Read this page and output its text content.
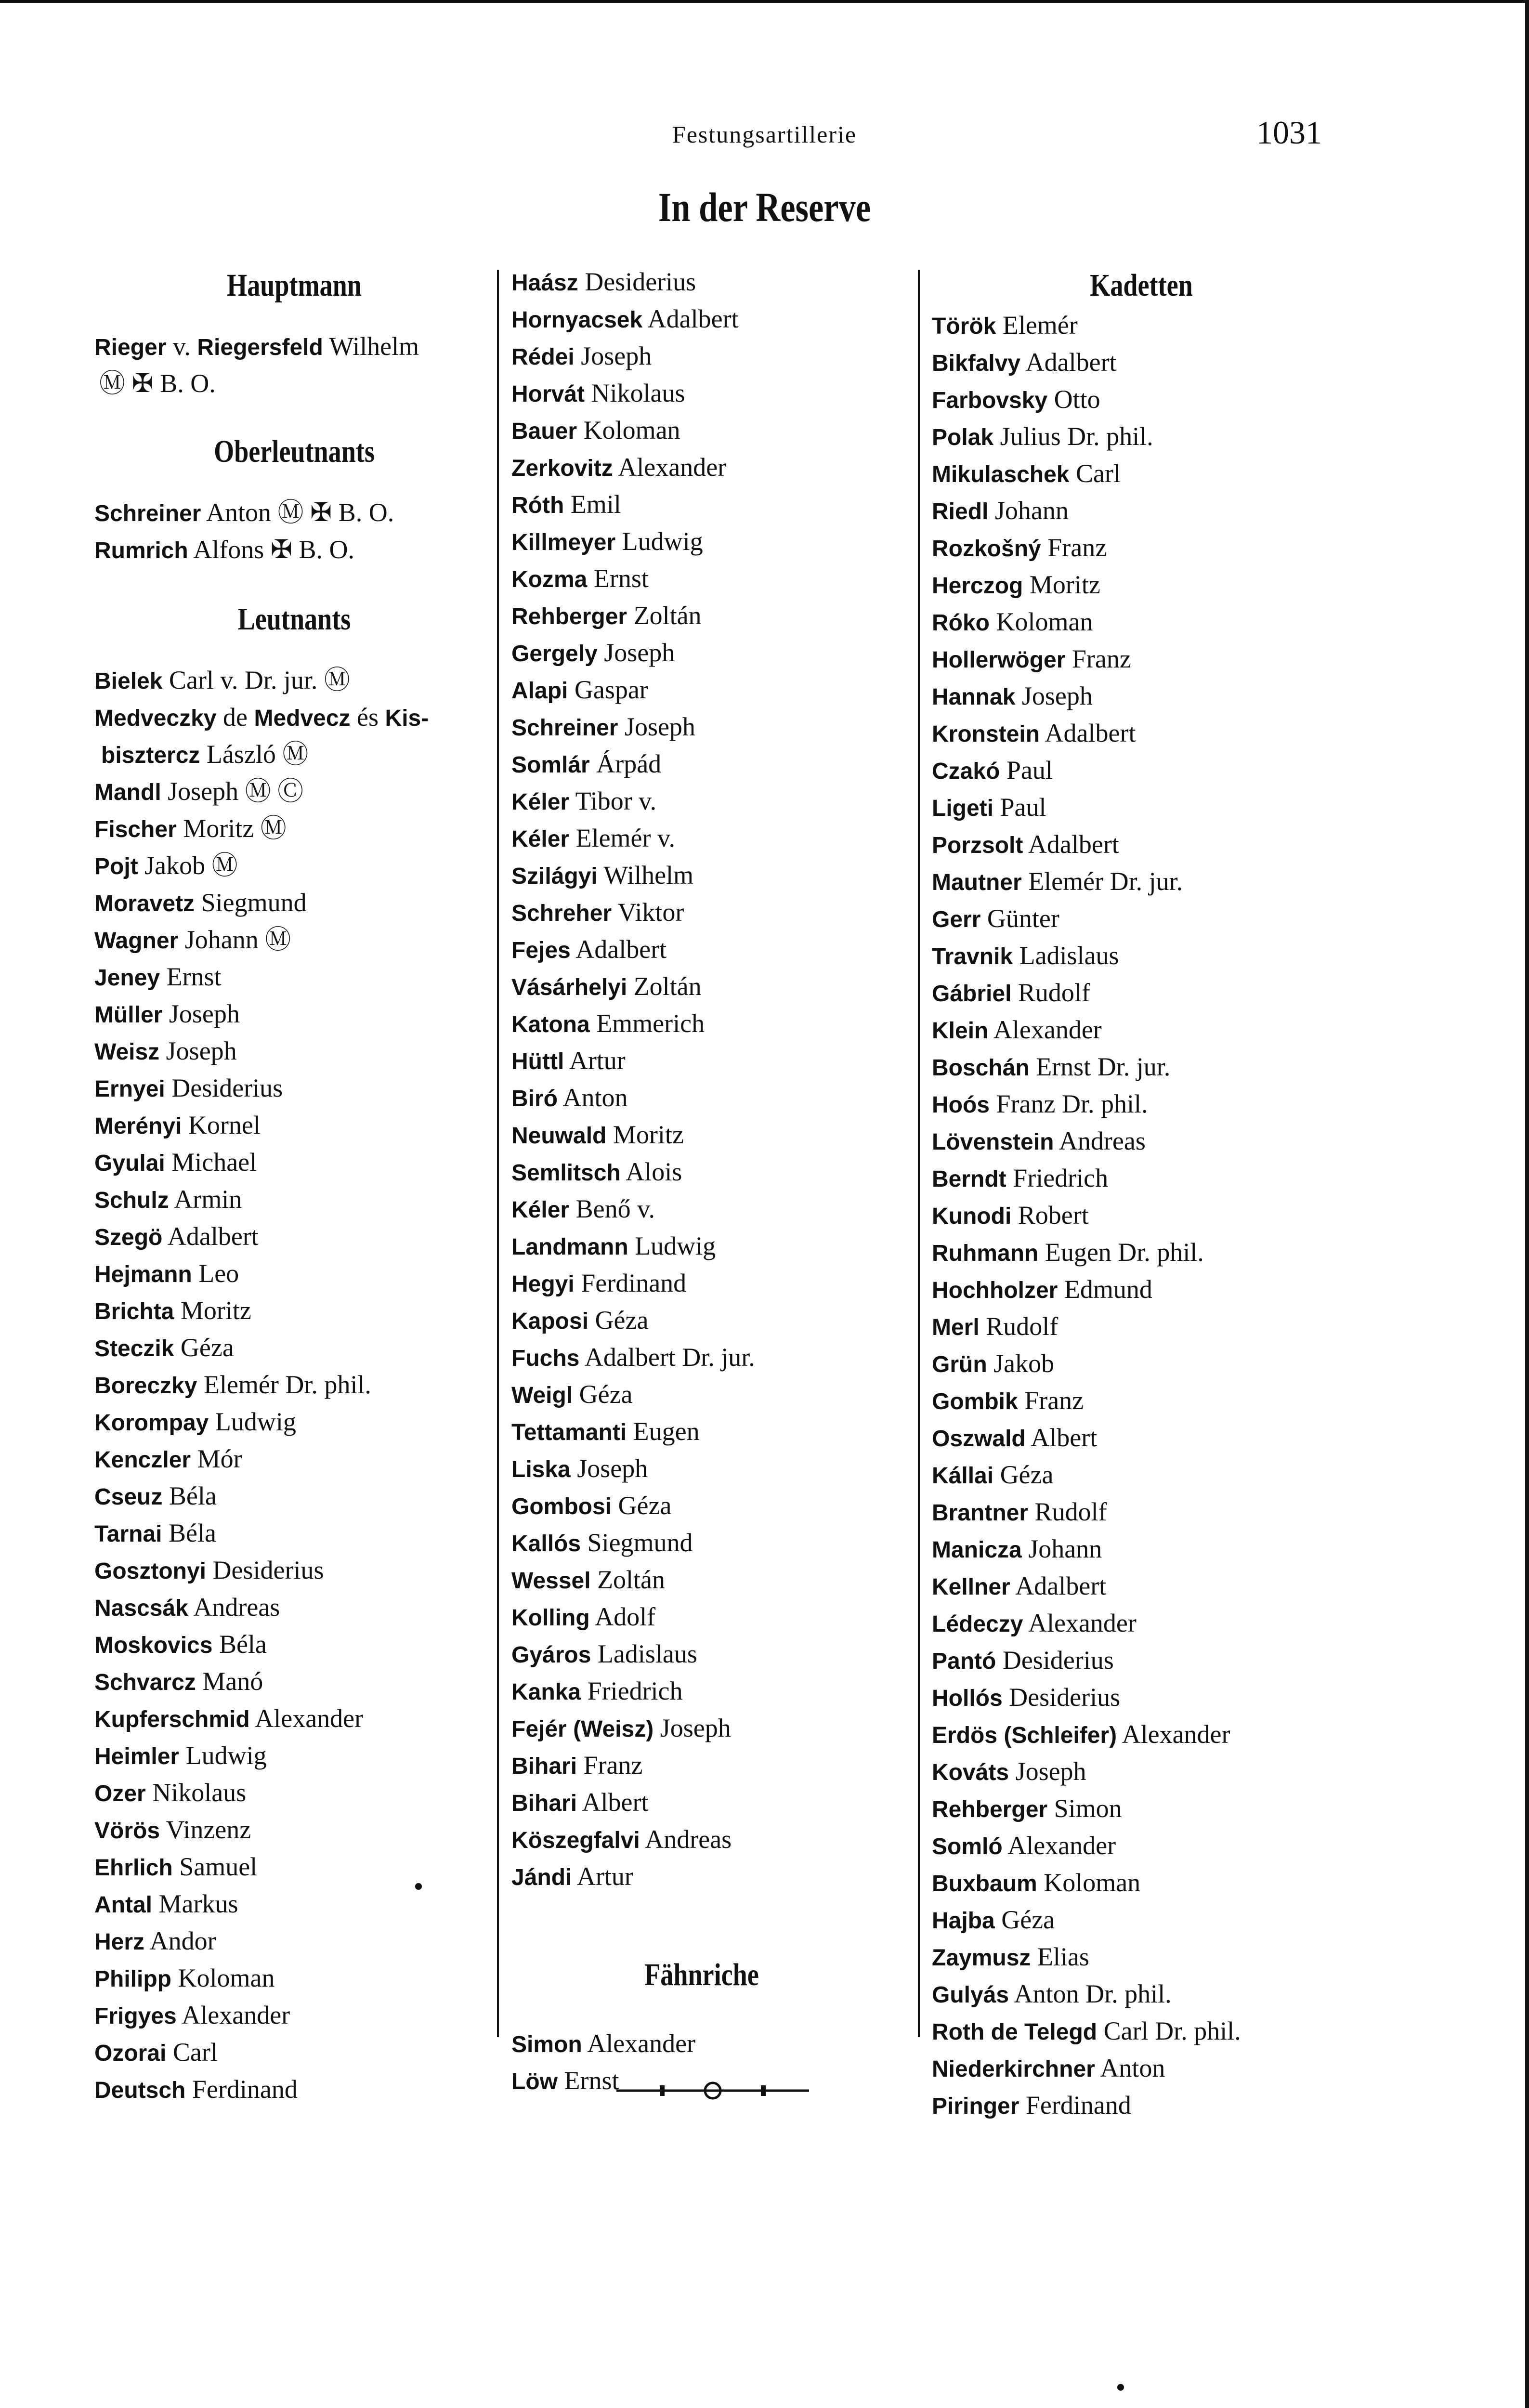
Festungsartillerie	1031
In der Reserve
Hauptmann
Rieger v. Riegersfeld Wilhelm
Ⓜ ✠ B. O.
Oberleutnants
Schreiner Anton Ⓜ ✠ B. O.
Rumrich Alfons ✠ B. O.
Leutnants
Bielek Carl v. Dr. jur. Ⓜ
Medveczky de Medvecz és Kis-
bisztercz László Ⓜ
Mandl Joseph Ⓜ Ⓒ
Fischer Moritz Ⓜ
Pojt Jakob Ⓜ
Moravetz Siegmund
Wagner Johann Ⓜ
Jeney Ernst
Müller Joseph
Weisz Joseph
Ernyei Desiderius
Merényi Kornel
Gyulai Michael
Schulz Armin
Szegö Adalbert
Hejmann Leo
Brichta Moritz
Steczik Géza
Boreczky Elemér Dr. phil.
Korompay Ludwig
Kenczler Mór
Cseuz Béla
Tarnai Béla
Gosztonyi Desiderius
Nascsák Andreas
Moskovics Béla
Schvarcz Manó
Kupferschmid Alexander
Heimler Ludwig
Ozer Nikolaus
Vörös Vinzenz
Ehrlich Samuel
Antal Markus
Herz Andor
Philipp Koloman
Frigyes Alexander
Ozorai Carl
Deutsch Ferdinand
Haász Desiderius
Hornyacsek Adalbert
Rédei Joseph
Horvát Nikolaus
Bauer Koloman
Zerkovitz Alexander
Róth Emil
Killmeyer Ludwig
Kozma Ernst
Rehberger Zoltán
Gergely Joseph
Alapi Gaspar
Schreiner Joseph
Somlár Árpád
Kéler Tibor v.
Kéler Elemér v.
Szilágyi Wilhelm
Schreher Viktor
Fejes Adalbert
Vásárhelyi Zoltán
Katona Emmerich
Hüttl Artur
Biró Anton
Neuwald Moritz
Semlitsch Alois
Kéler Benő v.
Landmann Ludwig
Hegyi Ferdinand
Kaposi Géza
Fuchs Adalbert Dr. jur.
Weigl Géza
Tettamanti Eugen
Liska Joseph
Gombosi Géza
Kallós Siegmund
Wessel Zoltán
Kolling Adolf
Gyáros Ladislaus
Kanka Friedrich
Fejér (Weisz) Joseph
Bihari Franz
Bihari Albert
Köszegfalvi Andreas
Jándi Artur
Fähnriche
Simon Alexander
Löw Ernst
Kadetten
Török Elemér
Bikfalvy Adalbert
Farbovsky Otto
Polak Julius Dr. phil.
Mikulaschek Carl
Riedl Johann
Rozkošný Franz
Herczog Moritz
Róko Koloman
Hollerwöger Franz
Hannak Joseph
Kronstein Adalbert
Czakó Paul
Ligeti Paul
Porzsolt Adalbert
Mautner Elemér Dr. jur.
Gerr Günter
Travnik Ladislaus
Gábriel Rudolf
Klein Alexander
Boschán Ernst Dr. jur.
Hoós Franz Dr. phil.
Lövenstein Andreas
Berndt Friedrich
Kunodi Robert
Ruhmann Eugen Dr. phil.
Hochholzer Edmund
Merl Rudolf
Grün Jakob
Gombik Franz
Oszwald Albert
Kállai Géza
Brantner Rudolf
Manicza Johann
Kellner Adalbert
Lédeczy Alexander
Pantó Desiderius
Hollós Desiderius
Erdös (Schleifer) Alexander
Kováts Joseph
Rehberger Simon
Somló Alexander
Buxbaum Koloman
Hajba Géza
Zaymusz Elias
Gulyás Anton Dr. phil.
Roth de Telegd Carl Dr. phil.
Niederkirchner Anton
Piringer Ferdinand
